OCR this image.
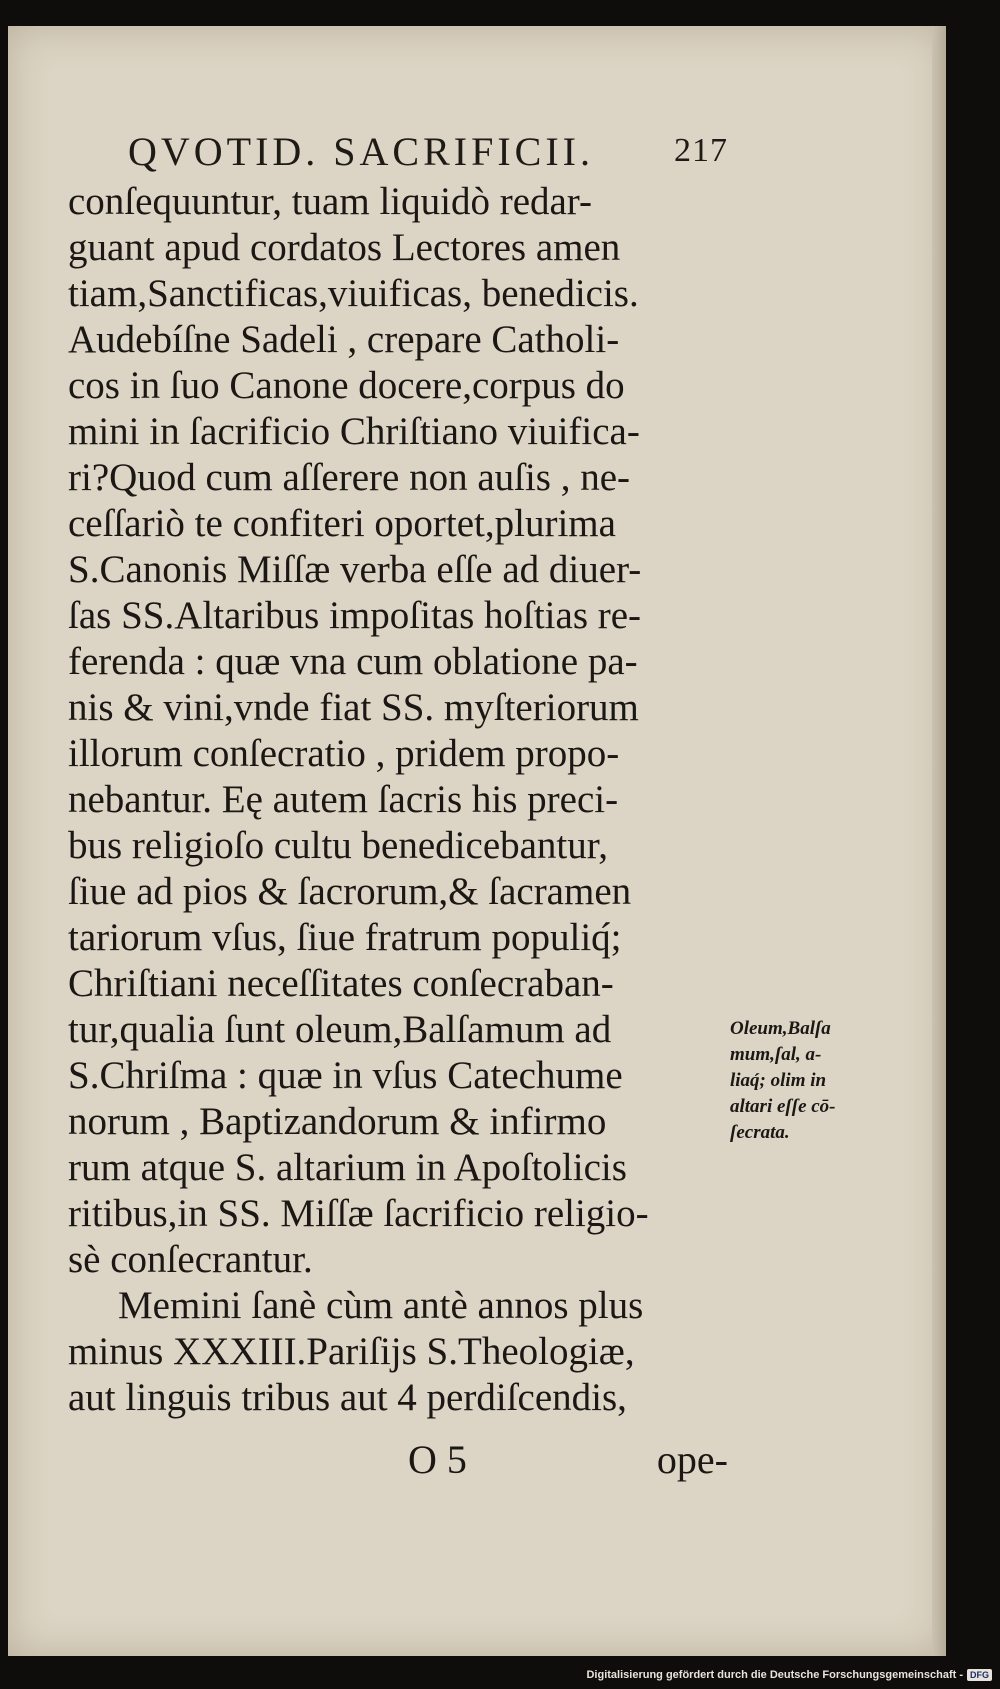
QVOTID. SACRIFICII. 217
conſequuntur, tuam liquidò redar-
guant apud cordatos Lectores amen
tiam,Sanctificas,viuificas, benedicis.
Audebíſne Sadeli , crepare Catholi-
cos in ſuo Canone docere,corpus do
mini in ſacrificio Chriſtiano viuifica-
ri?Quod cum aſſerere non auſis , ne-
ceſſariò te confiteri oportet,plurima
S.Canonis Miſſæ verba eſſe ad diuer-
ſas SS.Altaribus impoſitas hoſtias re-
ferenda : quæ vna cum oblatione pa-
nis & vini,vnde fiat SS. myſteriorum
illorum conſecratio , pridem propo-
nebantur. Eę autem ſacris his preci-
bus religioſo cultu benedicebantur,
ſiue ad pios & ſacrorum,& ſacramen
tariorum vſus, ſiue fratrum populiq́;
Chriſtiani neceſſitates conſecraban-
tur,qualia ſunt oleum,Balſamum ad
S.Chriſma : quæ in vſus Catechume
norum , Baptizandorum & infirmo
rum atque S. altarium in Apoſtolicis
ritibus,in SS. Miſſæ ſacrificio religio-
sè conſecrantur.
Memini ſanè cùm antè annos plus
minus XXXIII.Pariſijs S.Theologiæ,
aut linguis tribus aut 4 perdiſcendis,
Oleum,Balſa
mum,ſal, a-
liaq́; olim in
altari eſſe cō-
ſecrata.
O 5	ope-
Digitalisierung gefördert durch die Deutsche Forschungsgemeinschaft - DFG
